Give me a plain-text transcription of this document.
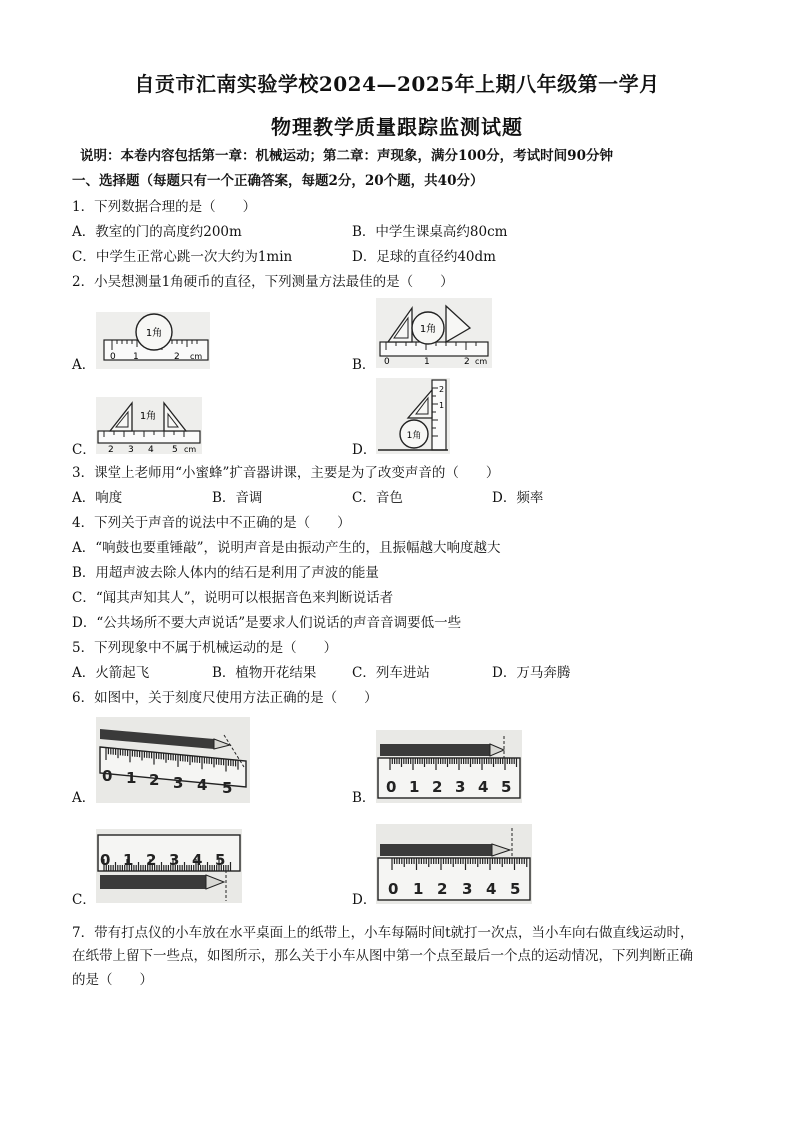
自贡市汇南实验学校2024—2025年上期八年级第一学月
物理教学质量跟踪监测试题
说明：本卷内容包括第一章：机械运动；第二章：声现象，满分100分，考试时间90分钟
一、选择题（每题只有一个正确答案，每题2分，20个题，共40分）
1．下列数据合理的是（　　）
A．教室的门的高度约200m	B．中学生课桌高约80cm
C．中学生正常心跳一次大约为1min	D．足球的直径约40dm
2．小吴想测量1角硬币的直径，下列测量方法最佳的是（　　）
A．
1角
0 1	2 cm
B．
1角
0	1	2 cm
C．
1角
2 3 4 5 cm	D．
1角
1
2
3．课堂上老师用“小蜜蜂”扩音器讲课，主要是为了改变声音的（　　）
A．响度	B．音调	C．音色	D．频率
4．下列关于声音的说法中不正确的是（　　）
A．“响鼓也要重锤敲”，说明声音是由振动产生的，且振幅越大响度越大
B．用超声波去除人体内的结石是利用了声波的能量
C．“闻其声知其人”，说明可以根据音色来判断说话者
D．“公共场所不要大声说话”是要求人们说话的声音音调要低一些
5．下列现象中不属于机械运动的是（　　）
A．火箭起飞	B．植物开花结果	C．列车进站	D．万马奔腾
6．如图中，关于刻度尺使用方法正确的是（　　）
A．
0 1 2 3 4 5
B．
0 1 2 3 4 5
C．
0 1 2 3 4 5
D．
0 1 2 3 4 5
7．带有打点仪的小车放在水平桌面上的纸带上，小车每隔时间t就打一次点，当小车向右做直线运动时，
在纸带上留下一些点，如图所示，那么关于小车从图中第一个点至最后一个点的运动情况，下列判断正确
的是（　　）
